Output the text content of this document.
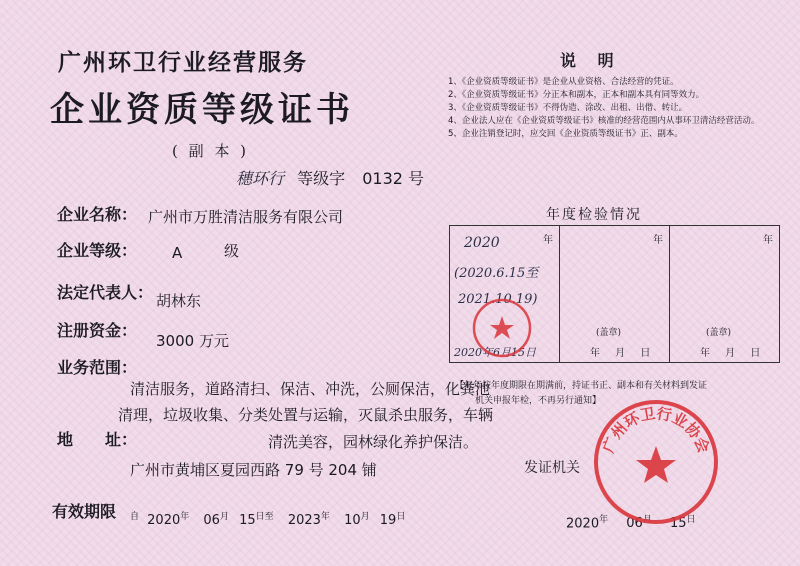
广州环卫行业经营服务
企业资质等级证书
( 副 本 )
穗环行 等级字 0132 号
企业名称： 广州市万胜清洁服务有限公司
企业等级： A	级
法定代表人： 胡林东
注册资金：
3000 万元
业务范围：
清洁服务，道路清扫、保洁、冲洗，公厕保洁，化粪池
清理，垃圾收集、分类处置与运输，灭鼠杀虫服务，车辆
清洗美容，园林绿化养护保洁。
地　　址：
广州市黄埔区夏园西路 79 号 204 铺
有效期限 $^自$ $2020^年$ $06^月$ $15^{日至}$ $2023^年$ $10^月$ $19^日$
说 明
1、《企业资质等级证书》是企业从业资格、合法经营的凭证。
2、《企业资质等级证书》分正本和副本，正本和副本具有同等效力。
3、《企业资质等级证书》不得伪造、涂改、出租、出借、转让。
4、企业法人应在《企业资质等级证书》核准的经营范围内从事环卫清洁经营活动。
5、企业注销登记时，应交回《企业资质等级证书》正、副本。
年度检验情况
年
2020
(2020.6.15至
2021.10.19)
2020年6月15日

年
(盖章)
年 月 日

年
(盖章)
年 月 日
【每年按年度期限在期满前，持证书正、副本和有关材料到发证
机关申报年检，不再另行通知】
发证机关
$2020^年$ $06^月$ $15^日$
广州环卫行业协会
